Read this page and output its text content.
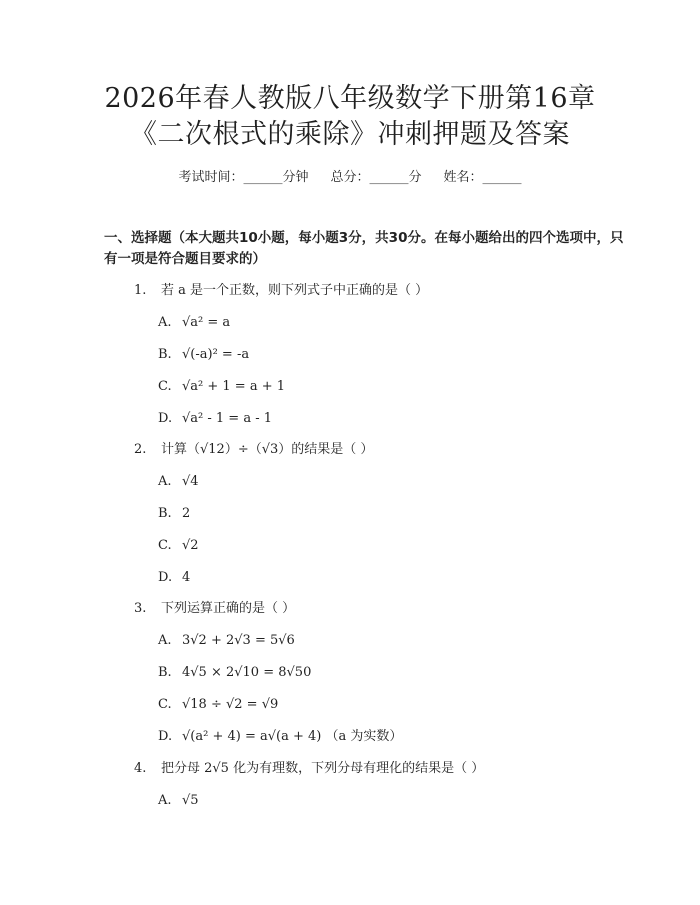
2026年春人教版八年级数学下册第16章
《二次根式的乘除》冲刺押题及答案
考试时间：______分钟 总分：______分 姓名：______
一、选择题（本大题共10小题，每小题3分，共30分。在每小题给出的四个选项中，只有一项是符合题目要求的）
1. 若 a 是一个正数，则下列式子中正确的是（ ）
A. √a² = a
B. √(-a)² = -a
C. √a² + 1 = a + 1
D. √a² - 1 = a - 1
2. 计算（√12）÷（√3）的结果是（ ）
A. √4
B. 2
C. √2
D. 4
3. 下列运算正确的是（ ）
A. 3√2 + 2√3 = 5√6
B. 4√5 × 2√10 = 8√50
C. √18 ÷ √2 = √9
D. √(a² + 4) = a√(a + 4) （a 为实数）
4. 把分母 2√5 化为有理数，下列分母有理化的结果是（ ）
A. √5
